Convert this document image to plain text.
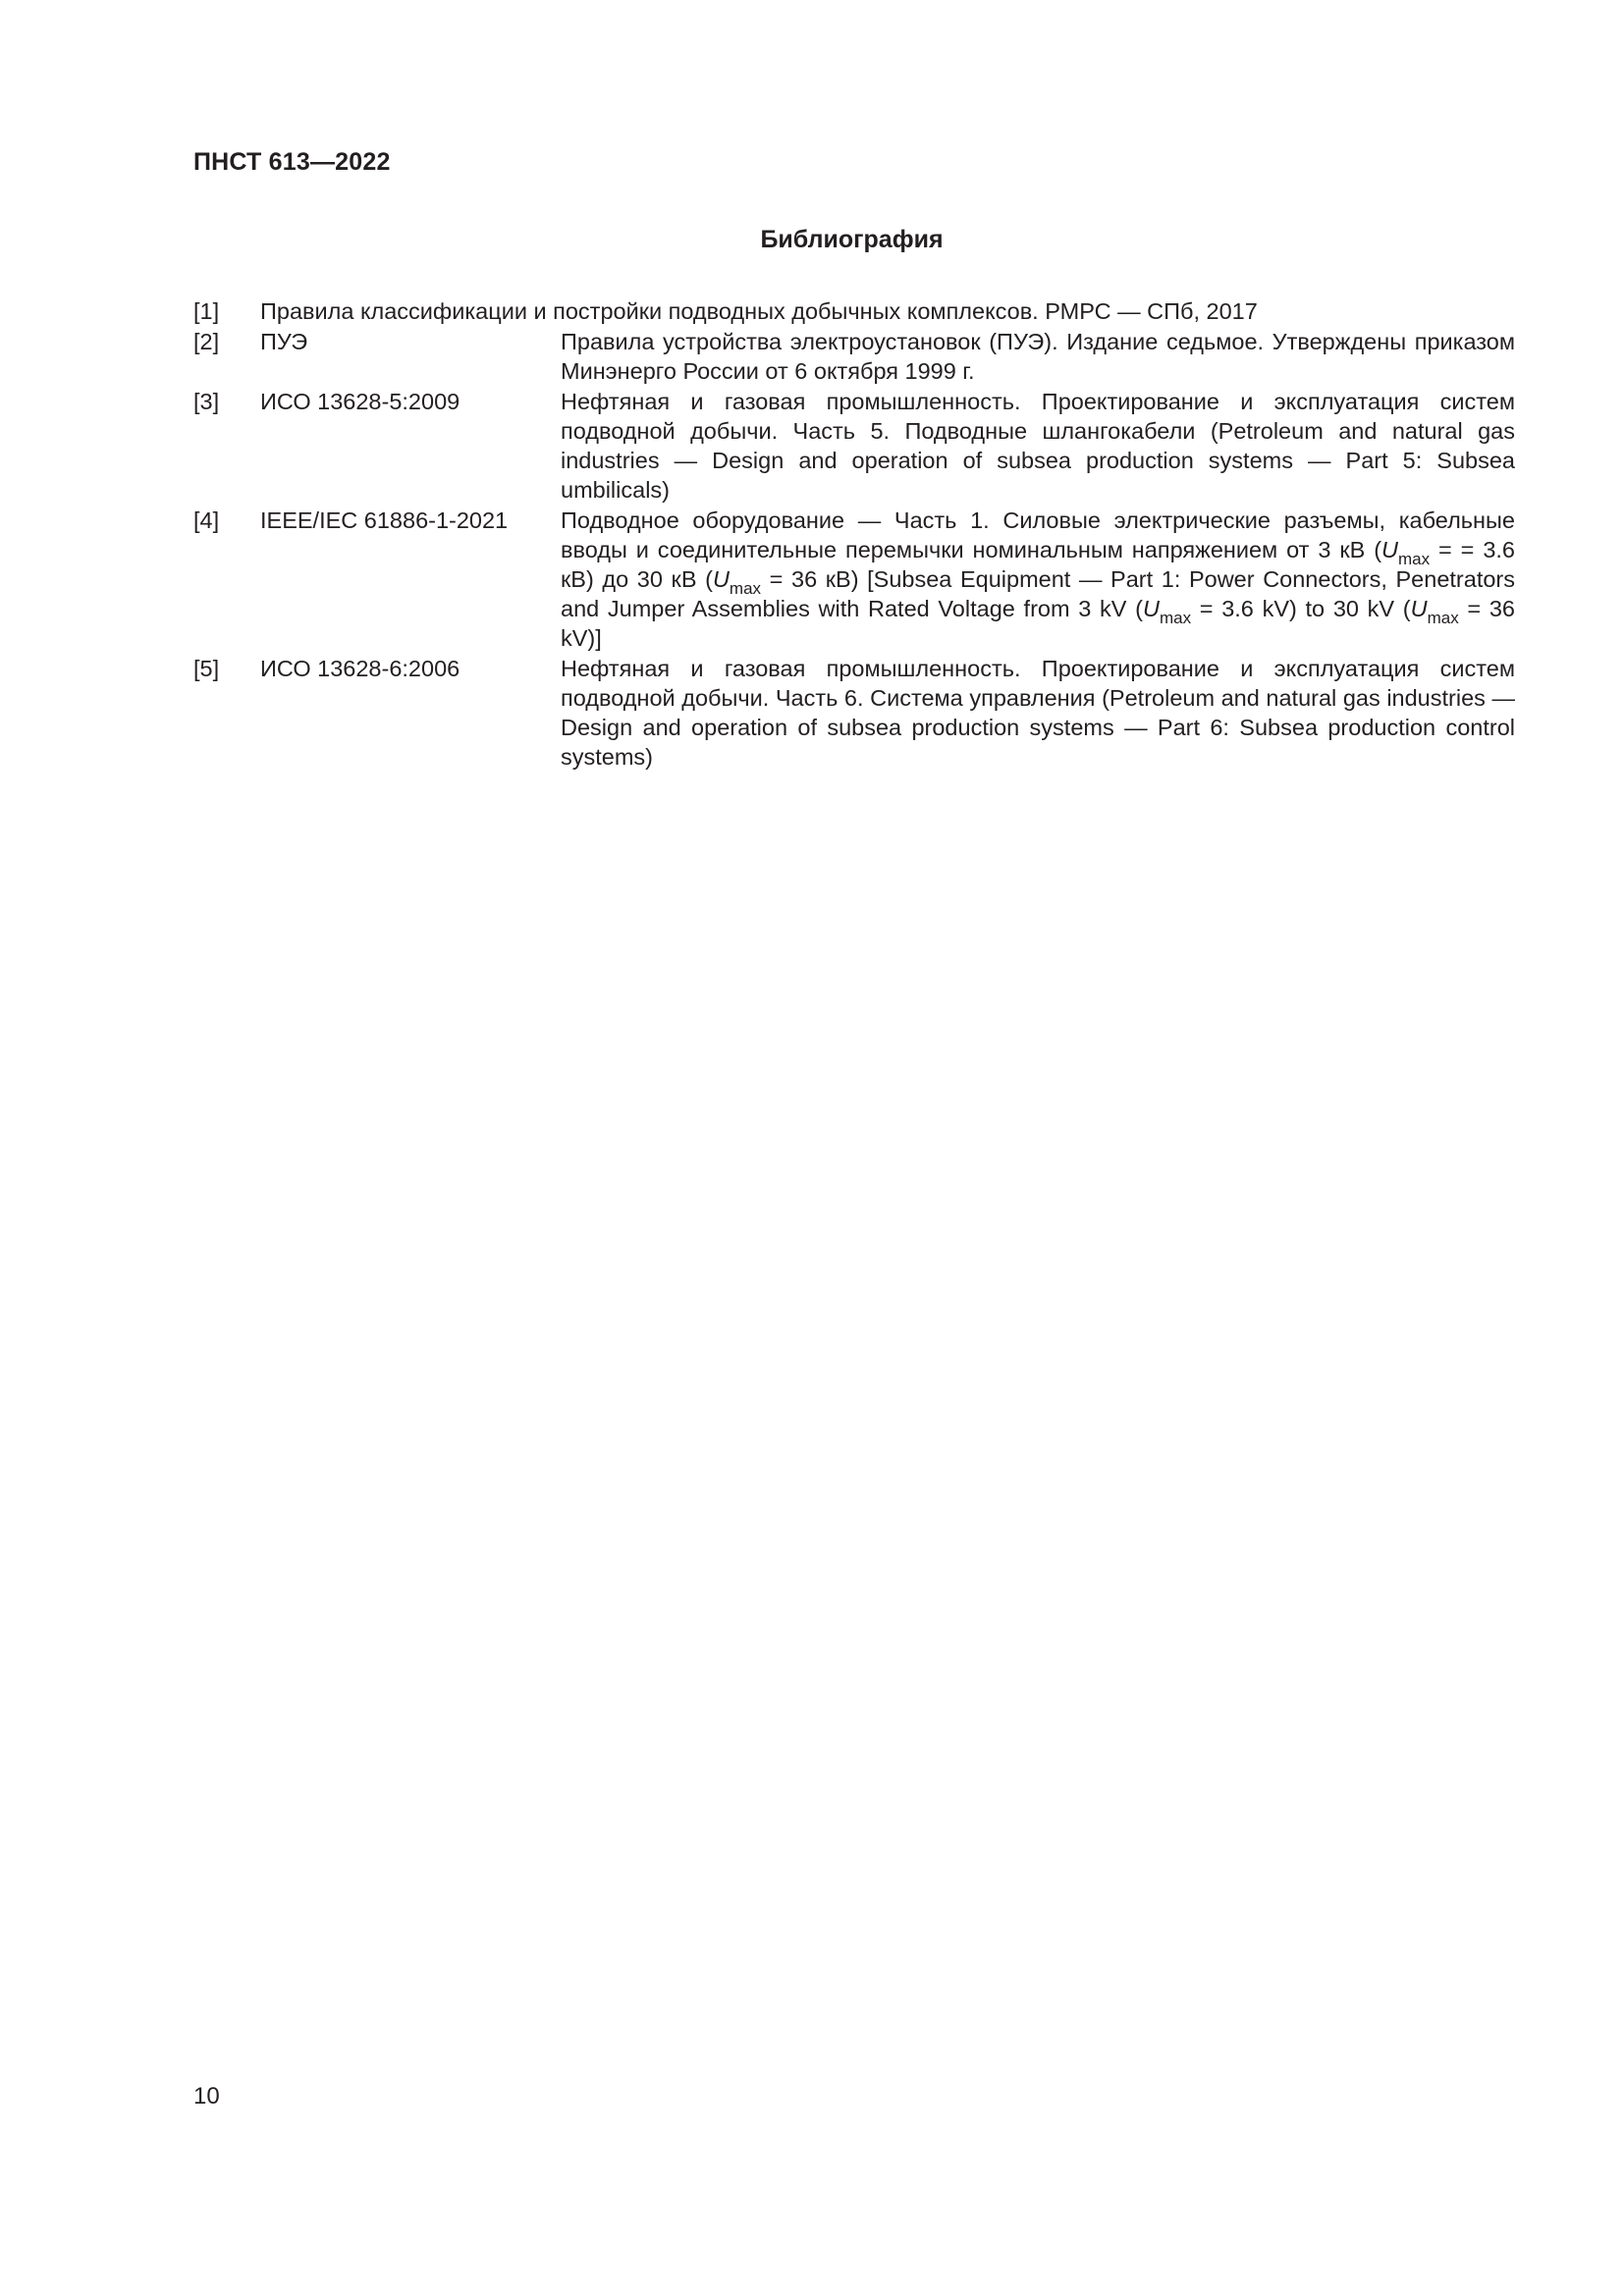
ПНСТ 613—2022
Библиография
[1]	Правила классификации и постройки подводных добычных комплексов. РМРС — СПб, 2017
[2]	ПУЭ	Правила устройства электроустановок (ПУЭ). Издание седьмое. Утверждены приказом Минэнерго России от 6 октября 1999 г.
[3]	ИСО 13628-5:2009	Нефтяная и газовая промышленность. Проектирование и эксплуатация систем подводной добычи. Часть 5. Подводные шлангокабели (Petroleum and natural gas industries — Design and operation of subsea production systems — Part 5: Subsea umbilicals)
[4]	IEEE/IEC 61886-1-2021	Подводное оборудование — Часть 1. Силовые электрические разъемы, кабельные вводы и соединительные перемычки номинальным напряжением от 3 кВ ($U_{max}$ = = 3.6 кВ) до 30 кВ ($U_{max} = 36$ кВ) [Subsea Equipment — Part 1: Power Connectors, Penetrators and Jumper Assemblies with Rated Voltage from 3 kV ($U_{max} = 3.6$ kV) to 30 kV ($U_{max} = 36$ kV)]
[5]	ИСО 13628-6:2006	Нефтяная и газовая промышленность. Проектирование и эксплуатация систем подводной добычи. Часть 6. Система управления (Petroleum and natural gas industries — Design and operation of subsea production systems — Part 6: Subsea production control systems)
10
